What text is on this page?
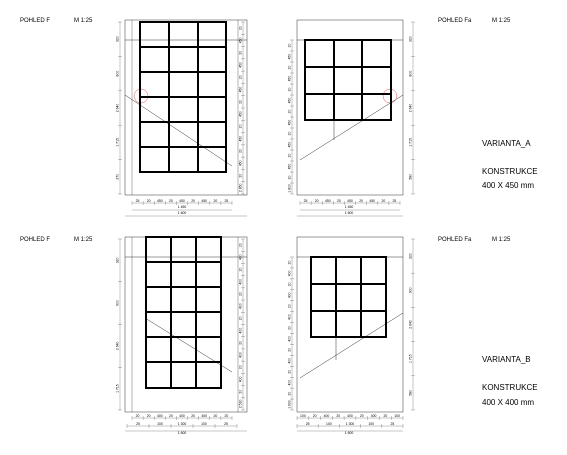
POHLED F	M 1:25	POHLED Fa	M 1:25
VARIANTA_A
KONSTRUKCE
400 X 450 mm
POHLED F	M 1:25	POHLED Fa	M 1:25
VARIANTA_B
KONSTRUKCE
400 X 400 mm
25 20 450 20 450 20 450 20 25
1 450
1 600
320
800
2 640
1 715
270
20
450
20
450
20
450
20
450
20
450
20
450
20
2 850
25 20 450 20 450 20 450 20 25
1 450
1 600
320
800
2 640
1 715
580
20
450
20
450
20
450
20
450
20
450
20
450
20
1 800
20 20 400 20 400 20 400 20 20
25	100	1 300	100	25
1 600
320
900
2 640
1 715
20
400
20
400
20
400
20
400
20
400
20
400
20
2 530
100 20 400 20 400 20 400 20 100
25	100	1 300	100	25
1 600
320
900
2 640
1 715
580
20
400
20
400
20
400
20
400
20
400
20
400
20
1 630
